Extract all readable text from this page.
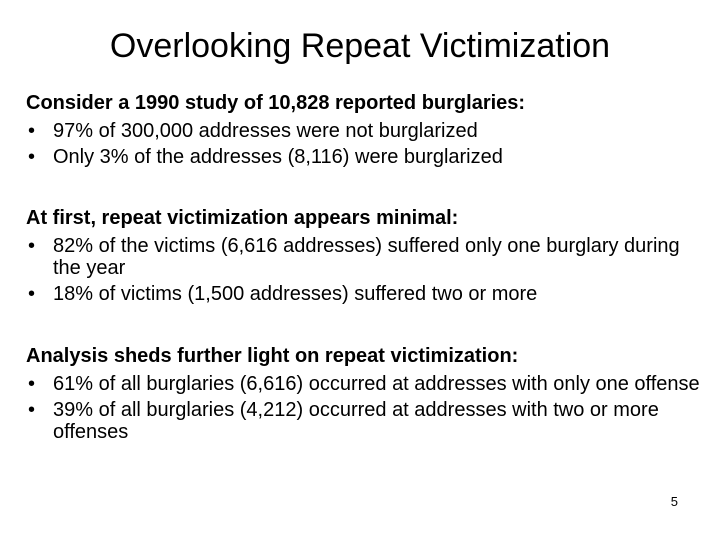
Overlooking Repeat Victimization

Consider a 1990 study of 10,828 reported burglaries:

• 97% of 300,000 addresses were not burglarized
• Only 3% of the addresses (8,116) were burglarized

At first, repeat victimization appears minimal:

• 82% of the victims (6,616 addresses) suffered only one burglary during the year
• 18% of victims (1,500 addresses) suffered two or more

Analysis sheds further light on repeat victimization:

• 61% of all burglaries (6,616) occurred at addresses with only one offense
• 39% of all burglaries (4,212) occurred at addresses with two or more offenses
5
